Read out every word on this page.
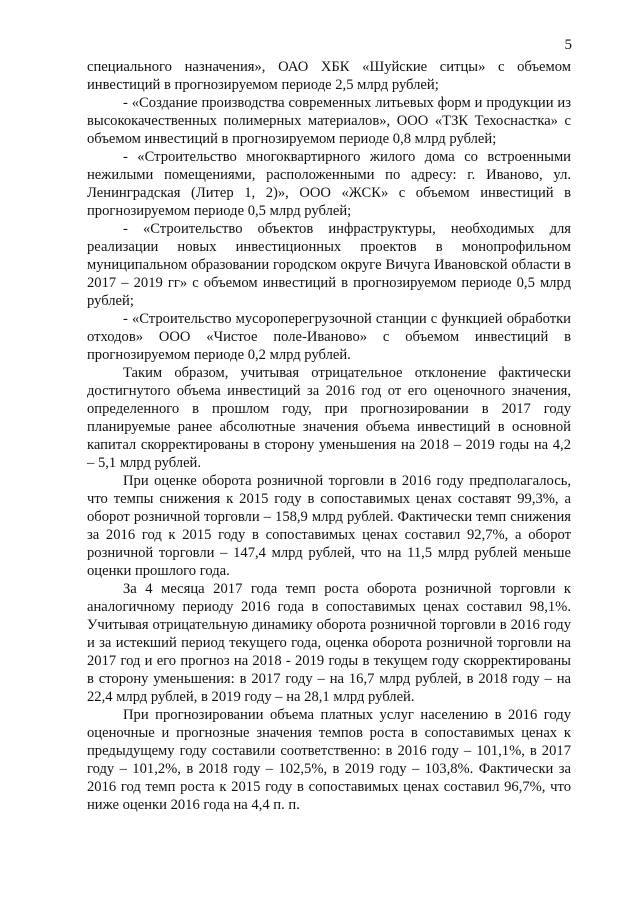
5

специального назначения», ОАО ХБК «Шуйские ситцы» с объемом инвестиций в прогнозируемом периоде 2,5 млрд рублей;

- «Создание производства современных литьевых форм и продукции из высококачественных полимерных материалов», ООО «ТЗК Техоснастка» с объемом инвестиций в прогнозируемом периоде 0,8 млрд рублей;

- «Строительство многоквартирного жилого дома со встроенными нежилыми помещениями, расположенными по адресу: г. Иваново, ул. Ленинградская (Литер 1, 2)», ООО «ЖСК» с объемом инвестиций в прогнозируемом периоде 0,5 млрд рублей;

- «Строительство объектов инфраструктуры, необходимых для реализации новых инвестиционных проектов в монопрофильном муниципальном образовании городском округе Вичуга Ивановской области в 2017 – 2019 гг» с объемом инвестиций в прогнозируемом периоде 0,5 млрд рублей;

- «Строительство мусороперегрузочной станции с функцией обработки отходов» ООО «Чистое поле-Иваново» с объемом инвестиций в прогнозируемом периоде 0,2 млрд рублей.

Таким образом, учитывая отрицательное отклонение фактически достигнутого объема инвестиций за 2016 год от его оценочного значения, определенного в прошлом году, при прогнозировании в 2017 году планируемые ранее абсолютные значения объема инвестиций в основной капитал скорректированы в сторону уменьшения на 2018 – 2019 годы на 4,2 – 5,1 млрд рублей.

При оценке оборота розничной торговли в 2016 году предполагалось, что темпы снижения к 2015 году в сопоставимых ценах составят 99,3%, а оборот розничной торговли – 158,9 млрд рублей. Фактически темп снижения за 2016 год к 2015 году в сопоставимых ценах составил 92,7%, а оборот розничной торговли – 147,4 млрд рублей, что на 11,5 млрд рублей меньше оценки прошлого года.

За 4 месяца 2017 года темп роста оборота розничной торговли к аналогичному периоду 2016 года в сопоставимых ценах составил 98,1%. Учитывая отрицательную динамику оборота розничной торговли в 2016 году и за истекший период текущего года, оценка оборота розничной торговли на 2017 год и его прогноз на 2018 - 2019 годы в текущем году скорректированы в сторону уменьшения: в 2017 году – на 16,7 млрд рублей, в 2018 году – на 22,4 млрд рублей, в 2019 году – на 28,1 млрд рублей.

При прогнозировании объема платных услуг населению в 2016 году оценочные и прогнозные значения темпов роста в сопоставимых ценах к предыдущему году составили соответственно: в 2016 году – 101,1%, в 2017 году – 101,2%, в 2018 году – 102,5%, в 2019 году – 103,8%. Фактически за 2016 год темп роста к 2015 году в сопоставимых ценах составил 96,7%, что ниже оценки 2016 года на 4,4 п. п.
